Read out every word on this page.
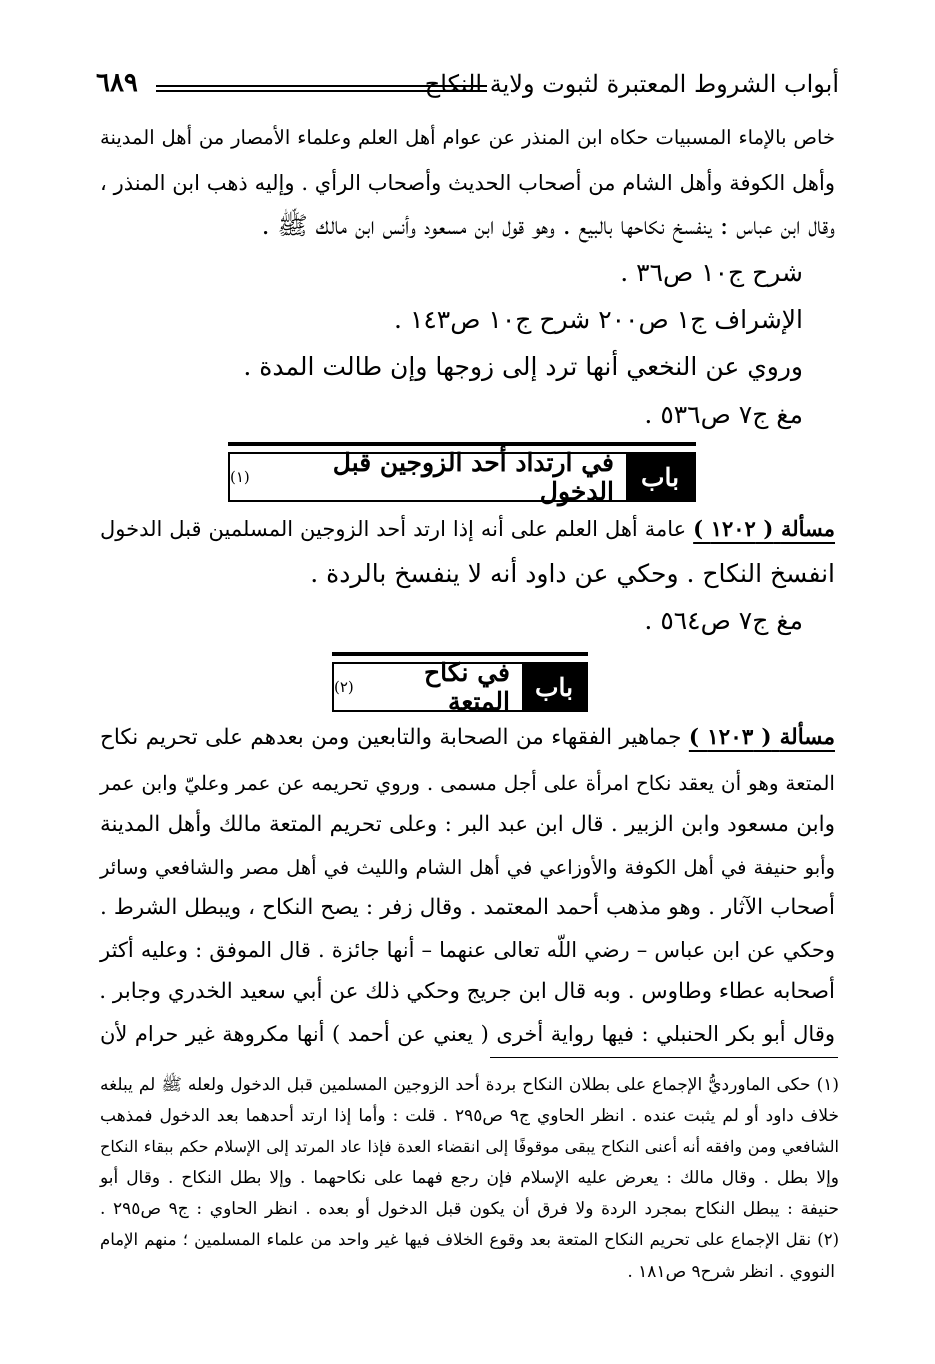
أبواب الشروط المعتبرة لثبوت ولاية النكاح
٦٨٩
خاص بالإماء المسبيات حكاه ابن المنذر عن عوام أهل العلم وعلماء الأمصار من أهل المدينة
وأهل الكوفة وأهل الشام من أصحاب الحديث وأصحاب الرأي . وإليه ذهب ابن المنذر ،
وقال ابن عباس : ينفسخ نكاحها بالبيع . وهو قول ابن مسعود وأنس ابن مالك ﷺ .
شرح ج١٠ ص٣٦ .
الإشراف ج١ ص٢٠٠ شرح ج١٠ ص١٤٣ .
وروي عن النخعي أنها ترد إلى زوجها وإن طالت المدة .
مغ ج٧ ص٥٣٦ .
باب
في ارتداد أحد الزوجين قبل الدخول
(١)
مسألة ( ١٢٠٢ ) عامة أهل العلم على أنه إذا ارتد أحد الزوجين المسلمين قبل الدخول
انفسخ النكاح . وحكي عن داود أنه لا ينفسخ بالردة .
مغ ج٧ ص٥٦٤ .
باب
في نكاح المتعة
(٢)
مسألة ( ١٢٠٣ ) جماهير الفقهاء من الصحابة والتابعين ومن بعدهم على تحريم نكاح
المتعة وهو أن يعقد نكاح امرأة على أجل مسمى . وروي تحريمه عن عمر وعليّ وابن عمر
وابن مسعود وابن الزبير . قال ابن عبد البر : وعلى تحريم المتعة مالك وأهل المدينة
وأبو حنيفة في أهل الكوفة والأوزاعي في أهل الشام والليث في أهل مصر والشافعي وسائر
أصحاب الآثار . وهو مذهب أحمد المعتمد . وقال زفر : يصح النكاح ، ويبطل الشرط .
وحكي عن ابن عباس – رضي اللّه تعالى عنهما – أنها جائزة . قال الموفق : وعليه أكثر
أصحابه عطاء وطاوس . وبه قال ابن جريج وحكي ذلك عن أبي سعيد الخدري وجابر .
وقال أبو بكر الحنبلي : فيها رواية أخرى ( يعني عن أحمد ) أنها مكروهة غير حرام لأن
(١) حكى الماورديُّ الإجماع على بطلان النكاح بردة أحد الزوجين المسلمين قبل الدخول ولعله ﷺ لم يبلغه
خلاف داود أو لم يثبت عنده . انظر الحاوي ج٩ ص٢٩٥ . قلت : وأما إذا ارتد أحدهما بعد الدخول فمذهب
الشافعي ومن وافقه أنه أعنى النكاح يبقى موقوفًا إلى انقضاء العدة فإذا عاد المرتد إلى الإسلام حكم ببقاء النكاح
وإلا بطل . وقال مالك : يعرض عليه الإسلام فإن رجع فهما على نكاحهما . وإلا بطل النكاح . وقال أبو
حنيفة : يبطل النكاح بمجرد الردة ولا فرق أن يكون قبل الدخول أو بعده . انظر الحاوي : ج٩ ص٢٩٥ .
(٢) نقل الإجماع على تحريم النكاح المتعة بعد وقوع الخلاف فيها غير واحد من علماء المسلمين ؛ منهم الإمام
النووي . انظر شرح٩ ص١٨١ .
